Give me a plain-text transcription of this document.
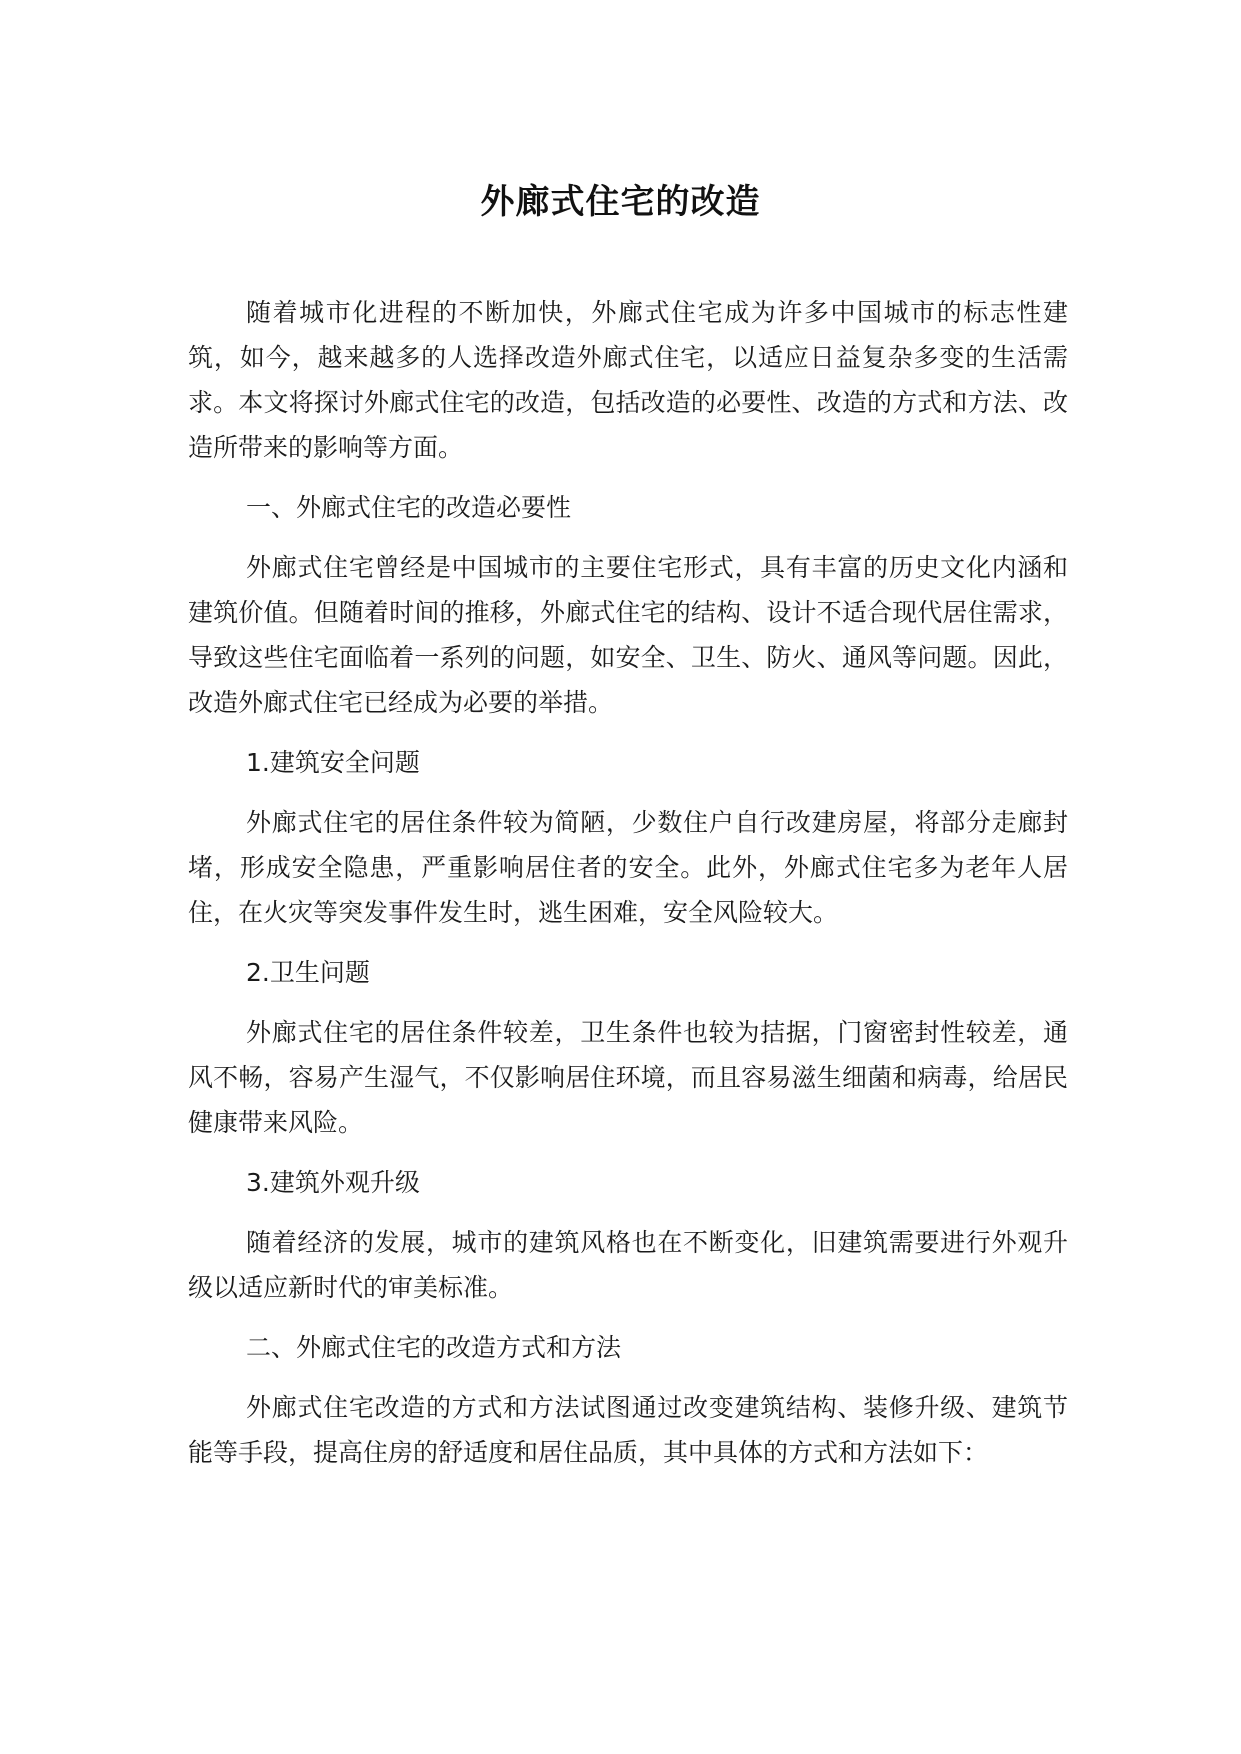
外廊式住宅的改造

随着城市化进程的不断加快，外廊式住宅成为许多中国城市的标志性建筑，如今，越来越多的人选择改造外廊式住宅，以适应日益复杂多变的生活需求。本文将探讨外廊式住宅的改造，包括改造的必要性、改造的方式和方法、改造所带来的影响等方面。

一、外廊式住宅的改造必要性

外廊式住宅曾经是中国城市的主要住宅形式，具有丰富的历史文化内涵和建筑价值。但随着时间的推移，外廊式住宅的结构、设计不适合现代居住需求，导致这些住宅面临着一系列的问题，如安全、卫生、防火、通风等问题。因此，改造外廊式住宅已经成为必要的举措。

1.建筑安全问题

外廊式住宅的居住条件较为简陋，少数住户自行改建房屋，将部分走廊封堵，形成安全隐患，严重影响居住者的安全。此外，外廊式住宅多为老年人居住，在火灾等突发事件发生时，逃生困难，安全风险较大。

2.卫生问题

外廊式住宅的居住条件较差，卫生条件也较为拮据，门窗密封性较差，通风不畅，容易产生湿气，不仅影响居住环境，而且容易滋生细菌和病毒，给居民健康带来风险。

3.建筑外观升级

随着经济的发展，城市的建筑风格也在不断变化，旧建筑需要进行外观升级以适应新时代的审美标准。

二、外廊式住宅的改造方式和方法

外廊式住宅改造的方式和方法试图通过改变建筑结构、装修升级、建筑节能等手段，提高住房的舒适度和居住品质，其中具体的方式和方法如下：
